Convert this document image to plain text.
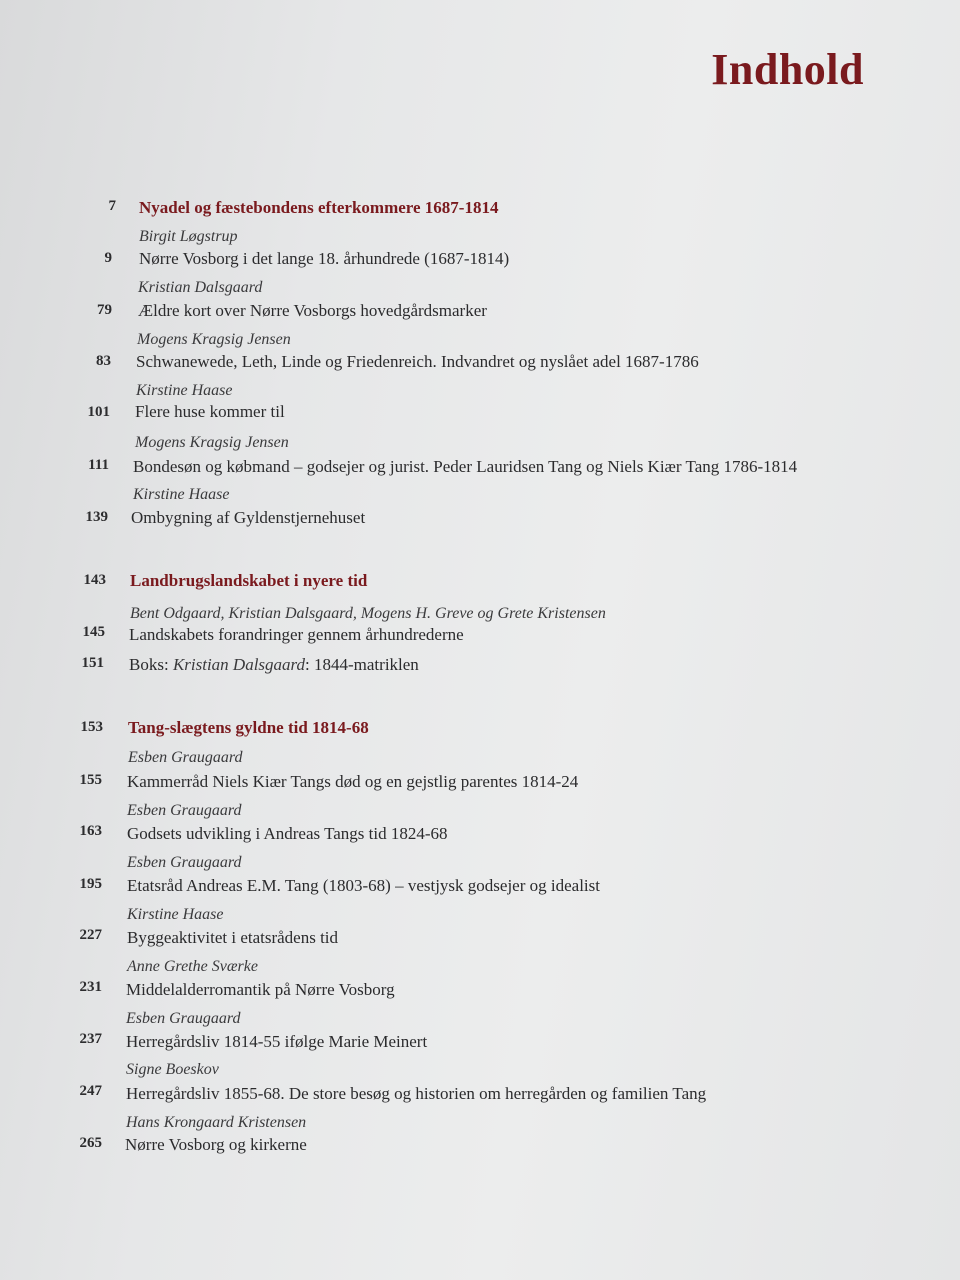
Indhold
7 Nyadel og fæstebondens efterkommere 1687-1814
Birgit Løgstrup
9 Nørre Vosborg i det lange 18. århundrede (1687-1814)
Kristian Dalsgaard
79 Ældre kort over Nørre Vosborgs hovedgårdsmarker
Mogens Kragsig Jensen
83 Schwanewede, Leth, Linde og Friedenreich. Indvandret og nyslået adel 1687-1786
Kirstine Haase
101 Flere huse kommer til
Mogens Kragsig Jensen
111 Bondesøn og købmand – godsejer og jurist. Peder Lauridsen Tang og Niels Kiær Tang 1786-1814
Kirstine Haase
139 Ombygning af Gyldenstjernehuset
143 Landbrugslandskabet i nyere tid
Bent Odgaard, Kristian Dalsgaard, Mogens H. Greve og Grete Kristensen
145 Landskabets forandringer gennem århundrederne
151 Boks: Kristian Dalsgaard: 1844-matriklen
153 Tang-slægtens gyldne tid 1814-68
Esben Graugaard
155 Kammerråd Niels Kiær Tangs død og en gejstlig parentes 1814-24
Esben Graugaard
163 Godsets udvikling i Andreas Tangs tid 1824-68
Esben Graugaard
195 Etatsråd Andreas E.M. Tang (1803-68) – vestjysk godsejer og idealist
Kirstine Haase
227 Byggeaktivitet i etatsrådens tid
Anne Grethe Sværke
231 Middelalderromantik på Nørre Vosborg
Esben Graugaard
237 Herregårdsliv 1814-55 ifølge Marie Meinert
Signe Boeskov
247 Herregårdsliv 1855-68. De store besøg og historien om herregården og familien Tang
Hans Krongaard Kristensen
265 Nørre Vosborg og kirkerne
